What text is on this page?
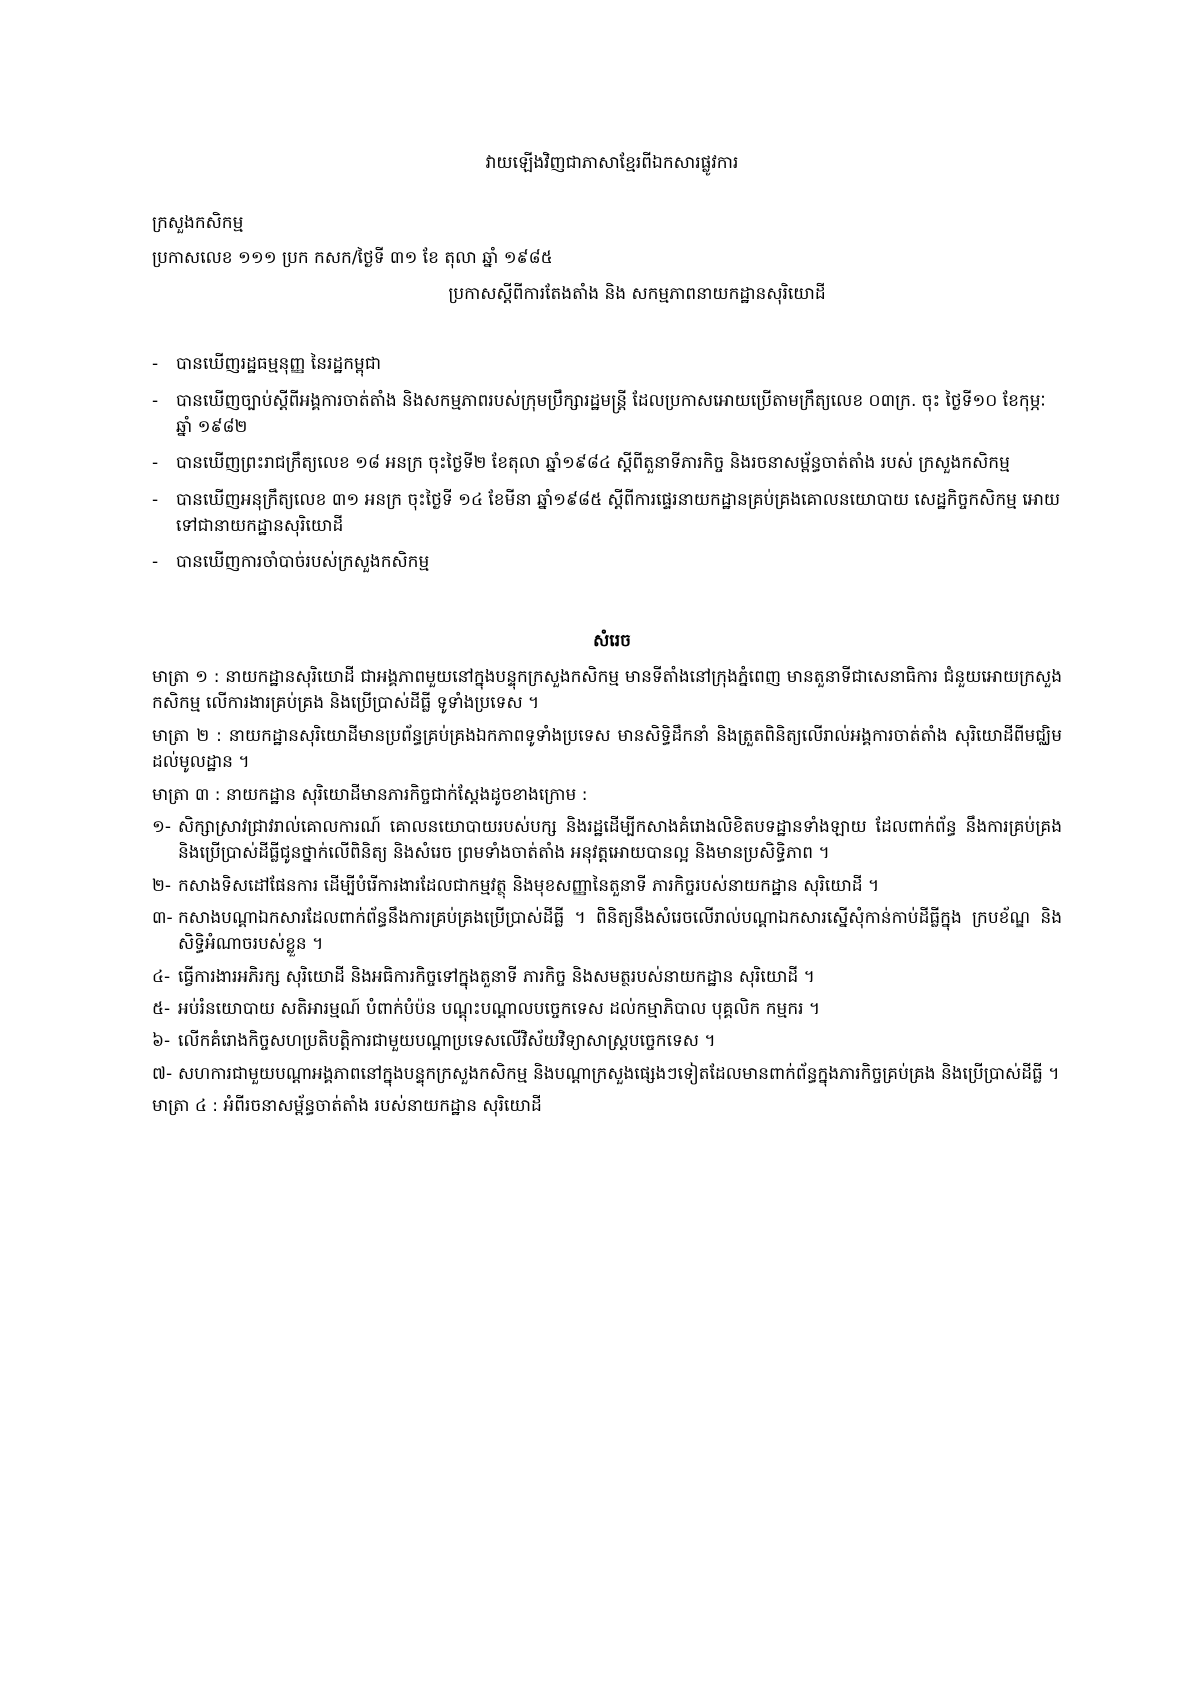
វាយឡើងវិញជាភាសាខ្មែរពីឯកសារផ្លូវការ
ក្រសួងកសិកម្ម
ប្រកាសលេខ ១១១ ប្រក កសក/ថ្ងៃទី ៣១ ខែ តុលា ឆ្នាំ ១៩៨៥
ប្រកាសស្តីពីការតែងតាំង និង សកម្មភាពនាយកដ្ឋានសុរិយោដី
- បានឃើញរដ្ឋធម្មនុញ្ញ នៃរដ្ឋកម្ពុជា
- បានឃើញច្បាប់ស្តីពីអង្គការចាត់តាំង និងសកម្មភាពរបស់ក្រុមប្រឹក្សារដ្ឋមន្ត្រី ដែលប្រកាសអោយប្រើតាមក្រឹត្យលេខ ០៣ក្រ. ចុះ ថ្ងៃទី១០ ខែកុម្ភៈ ឆ្នាំ ១៩៨២
- បានឃើញព្រះរាជក្រឹត្យលេខ ១៨ អនក្រ ចុះថ្ងៃទី២ ខែតុលា ឆ្នាំ១៩៨៤ ស្តីពីតួនាទីភារកិច្ច និងរចនាសម្ព័ន្ធចាត់តាំង របស់ ក្រសួងកសិកម្ម
- បានឃើញអនុក្រឹត្យលេខ ៣១ អនក្រ ចុះថ្ងៃទី ១៤ ខែមីនា ឆ្នាំ១៩៨៥ ស្តីពីការផ្ទេរនាយកដ្ឋានគ្រប់គ្រងគោលនយោបាយ សេដ្ឋកិច្ចកសិកម្ម អោយទៅជានាយកដ្ឋានសុរិយោដី
- បានឃើញការចាំបាច់របស់ក្រសួងកសិកម្ម
សំរេច
មាត្រា ១ : នាយកដ្ឋានសុរិយោដី ជាអង្គភាពមួយនៅក្នុងបន្ទុកក្រសួងកសិកម្ម មានទីតាំងនៅក្រុងភ្នំពេញ មានតួនាទីជាសេនាធិការ ជំនួយអោយក្រសួងកសិកម្ម លើការងារគ្រប់គ្រង និងប្រើប្រាស់ដីធ្លី ទូទាំងប្រទេស ។
មាត្រា ២ : នាយកដ្ឋានសុរិយោដីមានប្រព័ន្ធគ្រប់គ្រងឯកភាពទូទាំងប្រទេស មានសិទ្ធិដឹកនាំ និងត្រួតពិនិត្យលើរាល់អង្គការចាត់តាំង សុរិយោដីពីមជ្ឈិមដល់មូលដ្ឋាន ។
មាត្រា ៣ : នាយកដ្ឋាន សុរិយោដីមានភារកិច្ចជាក់ស្តែងដូចខាងក្រោម :
១- សិក្សាស្រាវជ្រាវរាល់គោលការណ៍ គោលនយោបាយរបស់បក្ស និងរដ្ឋដើម្បីកសាងគំរោងលិខិតបទដ្ឋានទាំងឡាយ ដែលពាក់ព័ន្ធ នឹងការគ្រប់គ្រង និងប្រើប្រាស់ដីធ្លីជូនថ្នាក់លើពិនិត្យ និងសំរេច ព្រមទាំងចាត់តាំង អនុវត្តអោយបានល្អ និងមានប្រសិទ្ធិភាព ។
២- កសាងទិសដៅផែនការ ដើម្បីបំរើការងារដែលជាកម្មវត្ថុ និងមុខសញ្ញានៃតួនាទី ភារកិច្ចរបស់នាយកដ្ឋាន សុរិយោដី ។
៣- កសាងបណ្តាឯកសារដែលពាក់ព័ន្ធនឹងការគ្រប់គ្រងប្រើប្រាស់ដីធ្លី ។ ពិនិត្យនឹងសំរេចលើរាល់បណ្តាឯកសារស្នើសុំកាន់កាប់ដីធ្លីក្នុង ក្របខ័ណ្ឌ និងសិទ្ធិអំណាចរបស់ខ្លួន ។
៤- ធ្វើការងារអភិរក្ស សុរិយោដី និងអធិការកិច្ចទៅក្នុងតួនាទី ភារកិច្ច និងសមត្ថរបស់នាយកដ្ឋាន សុរិយោដី ។
៥- អប់រំនយោបាយ សតិអារម្មណ៍ បំពាក់បំប៉ន បណ្តុះបណ្តាលបច្ចេកទេស ដល់កម្មាភិបាល បុគ្គលិក កម្មករ ។
៦- លើកគំរោងកិច្ចសហប្រតិបត្តិការជាមួយបណ្តាប្រទេសលើវិស័យវិទ្យាសាស្ត្របច្ចេកទេស ។
៧- សហការជាមួយបណ្តាអង្គភាពនៅក្នុងបន្ទុកក្រសួងកសិកម្ម និងបណ្តាក្រសួងផ្សេងៗទៀតដែលមានពាក់ព័ន្ធក្នុងភារកិច្ចគ្រប់គ្រង និងប្រើប្រាស់ដីធ្លី ។
មាត្រា ៤ : អំពីរចនាសម្ព័ន្ធចាត់តាំង របស់នាយកដ្ឋាន សុរិយោដី
